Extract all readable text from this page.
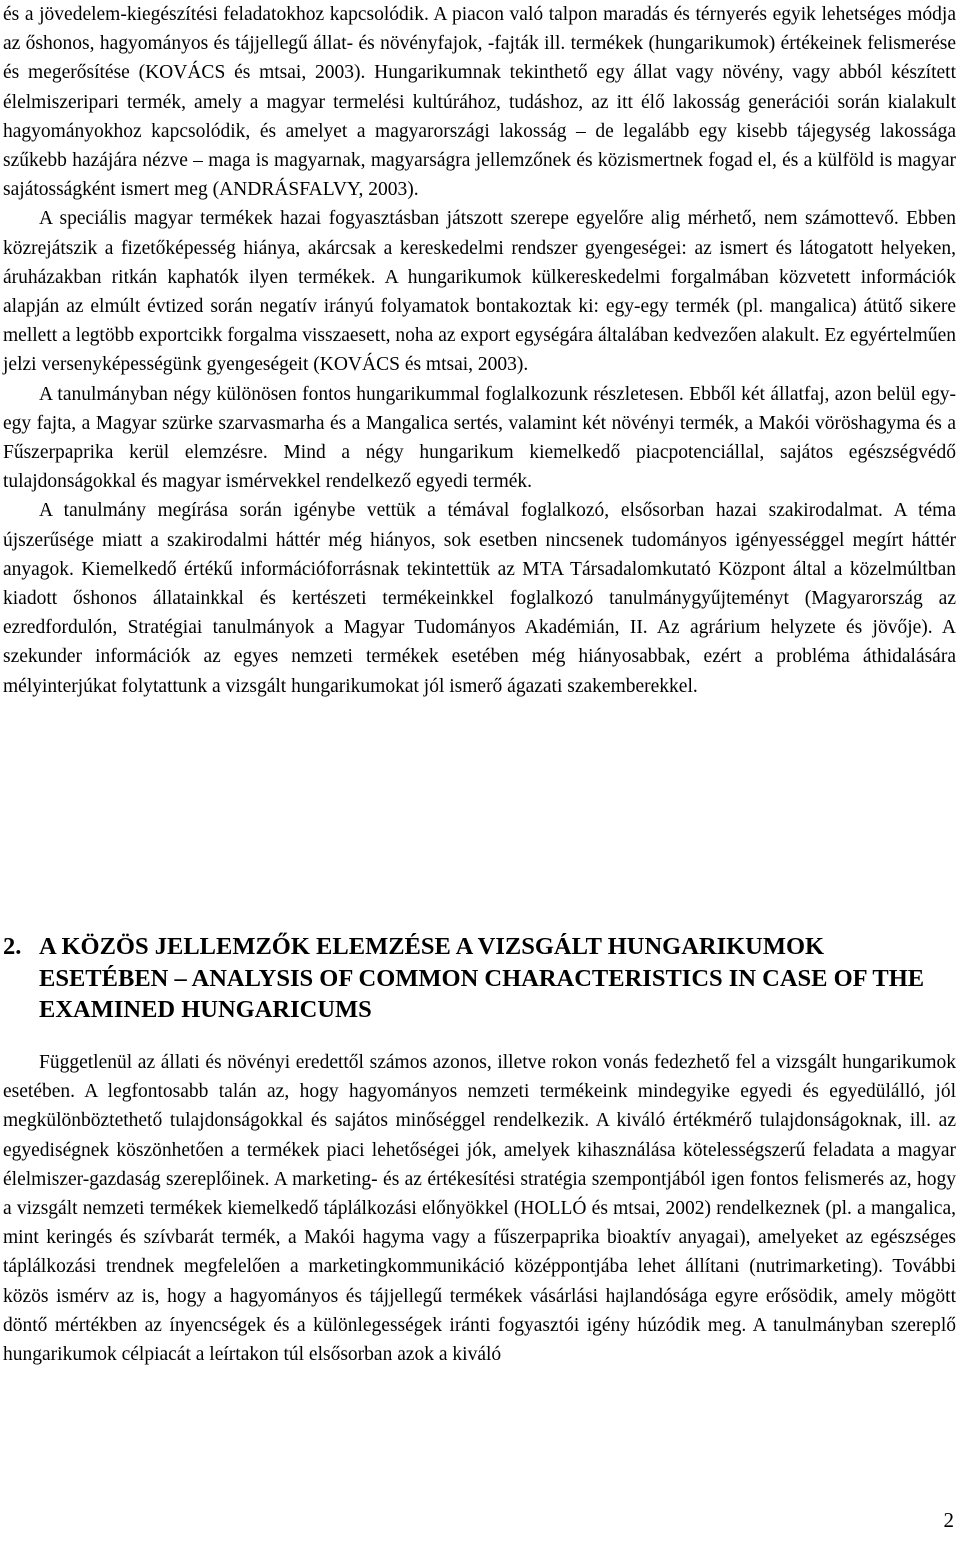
és a jövedelem-kiegészítési feladatokhoz kapcsolódik. A piacon való talpon maradás és térnyerés egyik lehetséges módja az őshonos, hagyományos és tájjellegű állat- és növényfajok, -fajták ill. termékek (hungarikumok) értékeinek felismerése és megerősítése (KOVÁCS és mtsai, 2003). Hungarikumnak tekinthető egy állat vagy növény, vagy abból készített élelmiszeripari termék, amely a magyar termelési kultúrához, tudáshoz, az itt élő lakosság generációi során kialakult hagyományokhoz kapcsolódik, és amelyet a magyarországi lakosság – de legalább egy kisebb tájegység lakossága szűkebb hazájára nézve – maga is magyarnak, magyarságra jellemzőnek és közismertnek fogad el, és a külföld is magyar sajátosságként ismert meg (ANDRÁSFALVY, 2003).

A speciális magyar termékek hazai fogyasztásban játszott szerepe egyelőre alig mérhető, nem számottevő. Ebben közrejátszik a fizetőképesség hiánya, akárcsak a kereskedelmi rendszer gyengeségei: az ismert és látogatott helyeken, áruházakban ritkán kaphatók ilyen termékek. A hungarikumok külkereskedelmi forgalmában közvetett információk alapján az elmúlt évtized során negatív irányú folyamatok bontakoztak ki: egy-egy termék (pl. mangalica) átütő sikere mellett a legtöbb exportcikk forgalma visszaesett, noha az export egységára általában kedvezően alakult. Ez egyértelműen jelzi versenyképességünk gyengeségeit (KOVÁCS és mtsai, 2003).

A tanulmányban négy különösen fontos hungarikummal foglalkozunk részletesen. Ebből két állatfaj, azon belül egy-egy fajta, a Magyar szürke szarvasmarha és a Mangalica sertés, valamint két növényi termék, a Makói vöröshagyma és a Fűszerpaprika kerül elemzésre. Mind a négy hungarikum kiemelkedő piacpotenciállal, sajátos egészségvédő tulajdonságokkal és magyar ismérvekkel rendelkező egyedi termék.

A tanulmány megírása során igénybe vettük a témával foglalkozó, elsősorban hazai szakirodalmat. A téma újszerűsége miatt a szakirodalmi háttér még hiányos, sok esetben nincsenek tudományos igényességgel megírt háttér anyagok. Kiemelkedő értékű információforrásnak tekintettük az MTA Társadalomkutató Központ által a közelmúltban kiadott őshonos állatainkkal és kertészeti termékeinkkel foglalkozó tanulmánygyűjteményt (Magyarország az ezredfordulón, Stratégiai tanulmányok a Magyar Tudományos Akadémián, II. Az agrárium helyzete és jövője). A szekunder információk az egyes nemzeti termékek esetében még hiányosabbak, ezért a probléma áthidalására mélyinterjúkat folytattunk a vizsgált hungarikumokat jól ismerő ágazati szakemberekkel.

2. A KÖZÖS JELLEMZŐK ELEMZÉSE A VIZSGÁLT HUNGARIKUMOK ESETÉBEN – ANALYSIS OF COMMON CHARACTERISTICS IN CASE OF THE EXAMINED HUNGARICUMS

Függetlenül az állati és növényi eredettől számos azonos, illetve rokon vonás fedezhető fel a vizsgált hungarikumok esetében. A legfontosabb talán az, hogy hagyományos nemzeti termékeink mindegyike egyedi és egyedülálló, jól megkülönböztethető tulajdonságokkal és sajátos minőséggel rendelkezik. A kiváló értékmérő tulajdonságoknak, ill. az egyediségnek köszönhetően a termékek piaci lehetőségei jók, amelyek kihasználása kötelességszerű feladata a magyar élelmiszer-gazdaság szereplőinek. A marketing- és az értékesítési stratégia szempontjából igen fontos felismerés az, hogy a vizsgált nemzeti termékek kiemelkedő táplálkozási előnyökkel (HOLLÓ és mtsai, 2002) rendelkeznek (pl. a mangalica, mint keringés és szívbarát termék, a Makói hagyma vagy a fűszerpaprika bioaktív anyagai), amelyeket az egészséges táplálkozási trendnek megfelelően a marketingkommunikáció középpontjába lehet állítani (nutrimarketing). További közös ismérv az is, hogy a hagyományos és tájjellegű termékek vásárlási hajlandósága egyre erősödik, amely mögött döntő mértékben az ínyencségek és a különlegességek iránti fogyasztói igény húzódik meg. A tanulmányban szereplő hungarikumok célpiacát a leírtakon túl elsősorban azok a kiváló

2
